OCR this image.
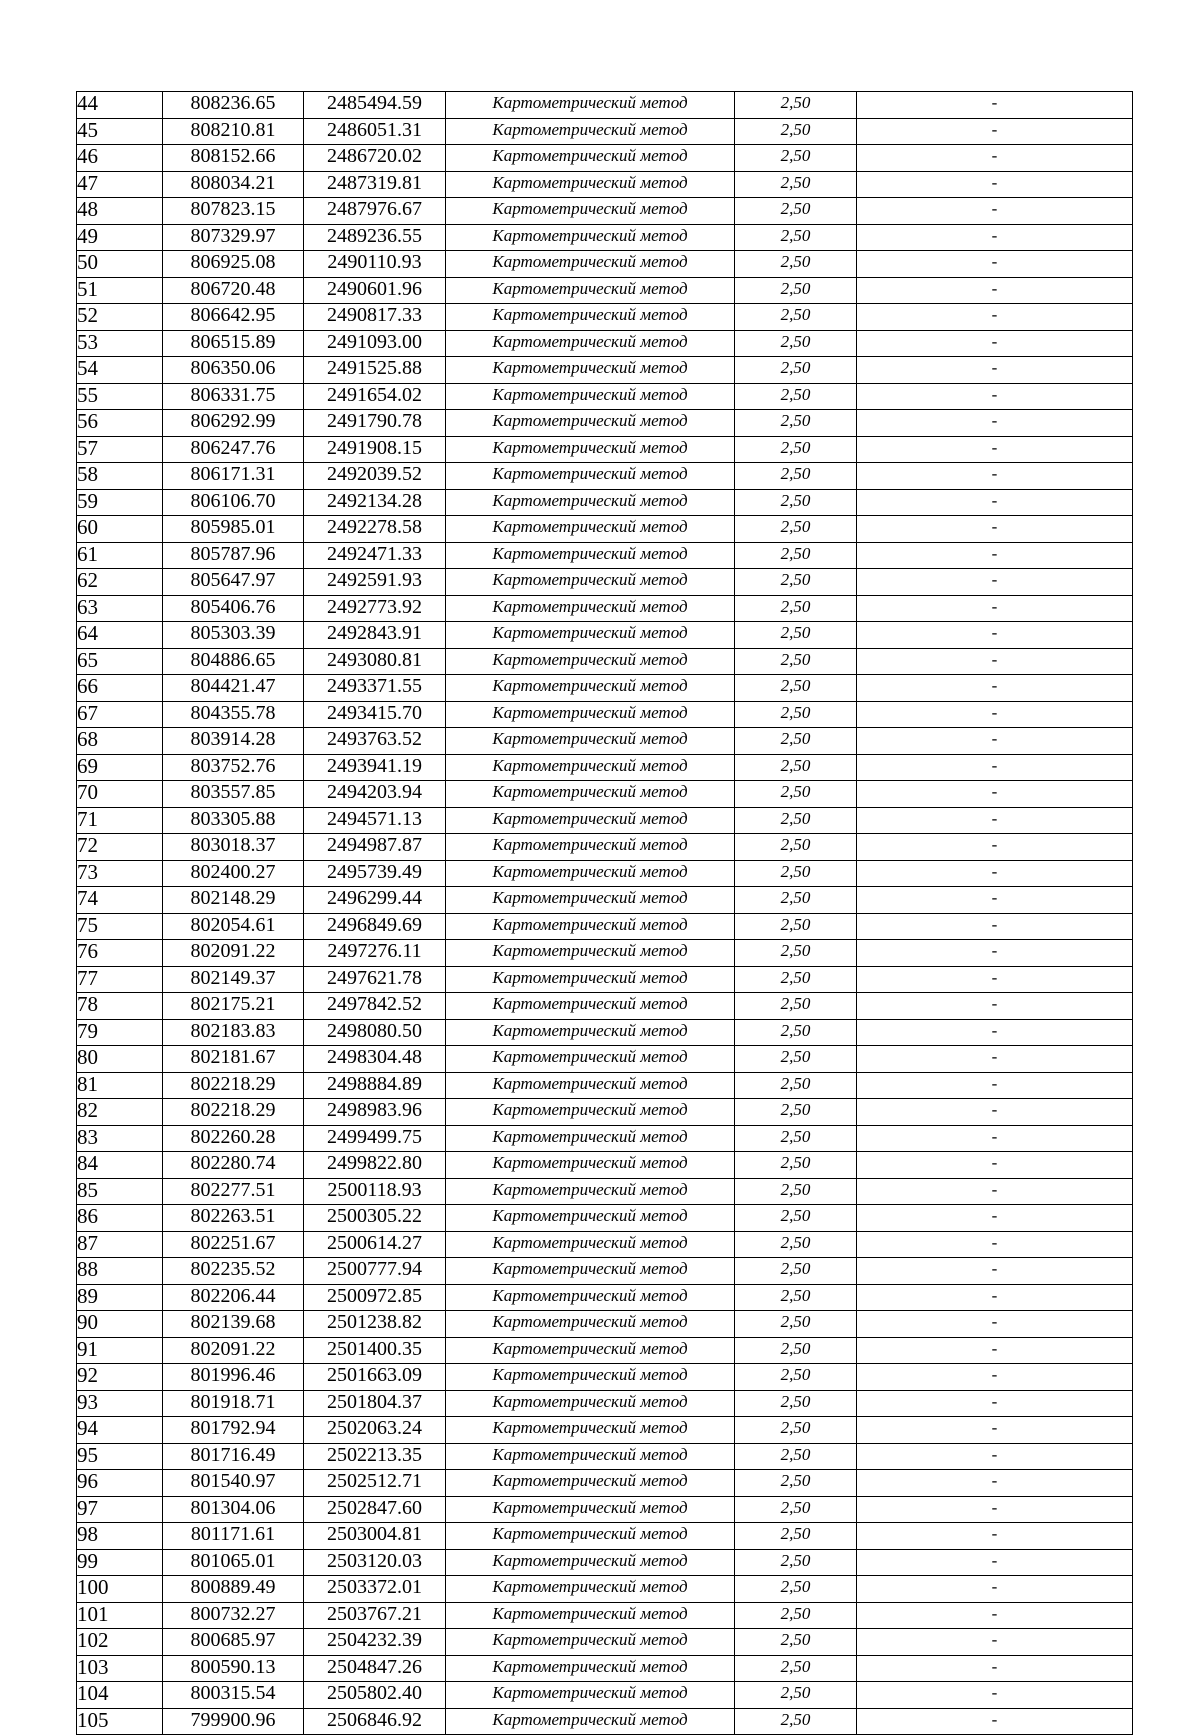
44	808236.65	2485494.59	Картометрический метод	2,50	-
45	808210.81	2486051.31	Картометрический метод	2,50	-
46	808152.66	2486720.02	Картометрический метод	2,50	-
47	808034.21	2487319.81	Картометрический метод	2,50	-
48	807823.15	2487976.67	Картометрический метод	2,50	-
49	807329.97	2489236.55	Картометрический метод	2,50	-
50	806925.08	2490110.93	Картометрический метод	2,50	-
51	806720.48	2490601.96	Картометрический метод	2,50	-
52	806642.95	2490817.33	Картометрический метод	2,50	-
53	806515.89	2491093.00	Картометрический метод	2,50	-
54	806350.06	2491525.88	Картометрический метод	2,50	-
55	806331.75	2491654.02	Картометрический метод	2,50	-
56	806292.99	2491790.78	Картометрический метод	2,50	-
57	806247.76	2491908.15	Картометрический метод	2,50	-
58	806171.31	2492039.52	Картометрический метод	2,50	-
59	806106.70	2492134.28	Картометрический метод	2,50	-
60	805985.01	2492278.58	Картометрический метод	2,50	-
61	805787.96	2492471.33	Картометрический метод	2,50	-
62	805647.97	2492591.93	Картометрический метод	2,50	-
63	805406.76	2492773.92	Картометрический метод	2,50	-
64	805303.39	2492843.91	Картометрический метод	2,50	-
65	804886.65	2493080.81	Картометрический метод	2,50	-
66	804421.47	2493371.55	Картометрический метод	2,50	-
67	804355.78	2493415.70	Картометрический метод	2,50	-
68	803914.28	2493763.52	Картометрический метод	2,50	-
69	803752.76	2493941.19	Картометрический метод	2,50	-
70	803557.85	2494203.94	Картометрический метод	2,50	-
71	803305.88	2494571.13	Картометрический метод	2,50	-
72	803018.37	2494987.87	Картометрический метод	2,50	-
73	802400.27	2495739.49	Картометрический метод	2,50	-
74	802148.29	2496299.44	Картометрический метод	2,50	-
75	802054.61	2496849.69	Картометрический метод	2,50	-
76	802091.22	2497276.11	Картометрический метод	2,50	-
77	802149.37	2497621.78	Картометрический метод	2,50	-
78	802175.21	2497842.52	Картометрический метод	2,50	-
79	802183.83	2498080.50	Картометрический метод	2,50	-
80	802181.67	2498304.48	Картометрический метод	2,50	-
81	802218.29	2498884.89	Картометрический метод	2,50	-
82	802218.29	2498983.96	Картометрический метод	2,50	-
83	802260.28	2499499.75	Картометрический метод	2,50	-
84	802280.74	2499822.80	Картометрический метод	2,50	-
85	802277.51	2500118.93	Картометрический метод	2,50	-
86	802263.51	2500305.22	Картометрический метод	2,50	-
87	802251.67	2500614.27	Картометрический метод	2,50	-
88	802235.52	2500777.94	Картометрический метод	2,50	-
89	802206.44	2500972.85	Картометрический метод	2,50	-
90	802139.68	2501238.82	Картометрический метод	2,50	-
91	802091.22	2501400.35	Картометрический метод	2,50	-
92	801996.46	2501663.09	Картометрический метод	2,50	-
93	801918.71	2501804.37	Картометрический метод	2,50	-
94	801792.94	2502063.24	Картометрический метод	2,50	-
95	801716.49	2502213.35	Картометрический метод	2,50	-
96	801540.97	2502512.71	Картометрический метод	2,50	-
97	801304.06	2502847.60	Картометрический метод	2,50	-
98	801171.61	2503004.81	Картометрический метод	2,50	-
99	801065.01	2503120.03	Картометрический метод	2,50	-
100	800889.49	2503372.01	Картометрический метод	2,50	-
101	800732.27	2503767.21	Картометрический метод	2,50	-
102	800685.97	2504232.39	Картометрический метод	2,50	-
103	800590.13	2504847.26	Картометрический метод	2,50	-
104	800315.54	2505802.40	Картометрический метод	2,50	-
105	799900.96	2506846.92	Картометрический метод	2,50	-
